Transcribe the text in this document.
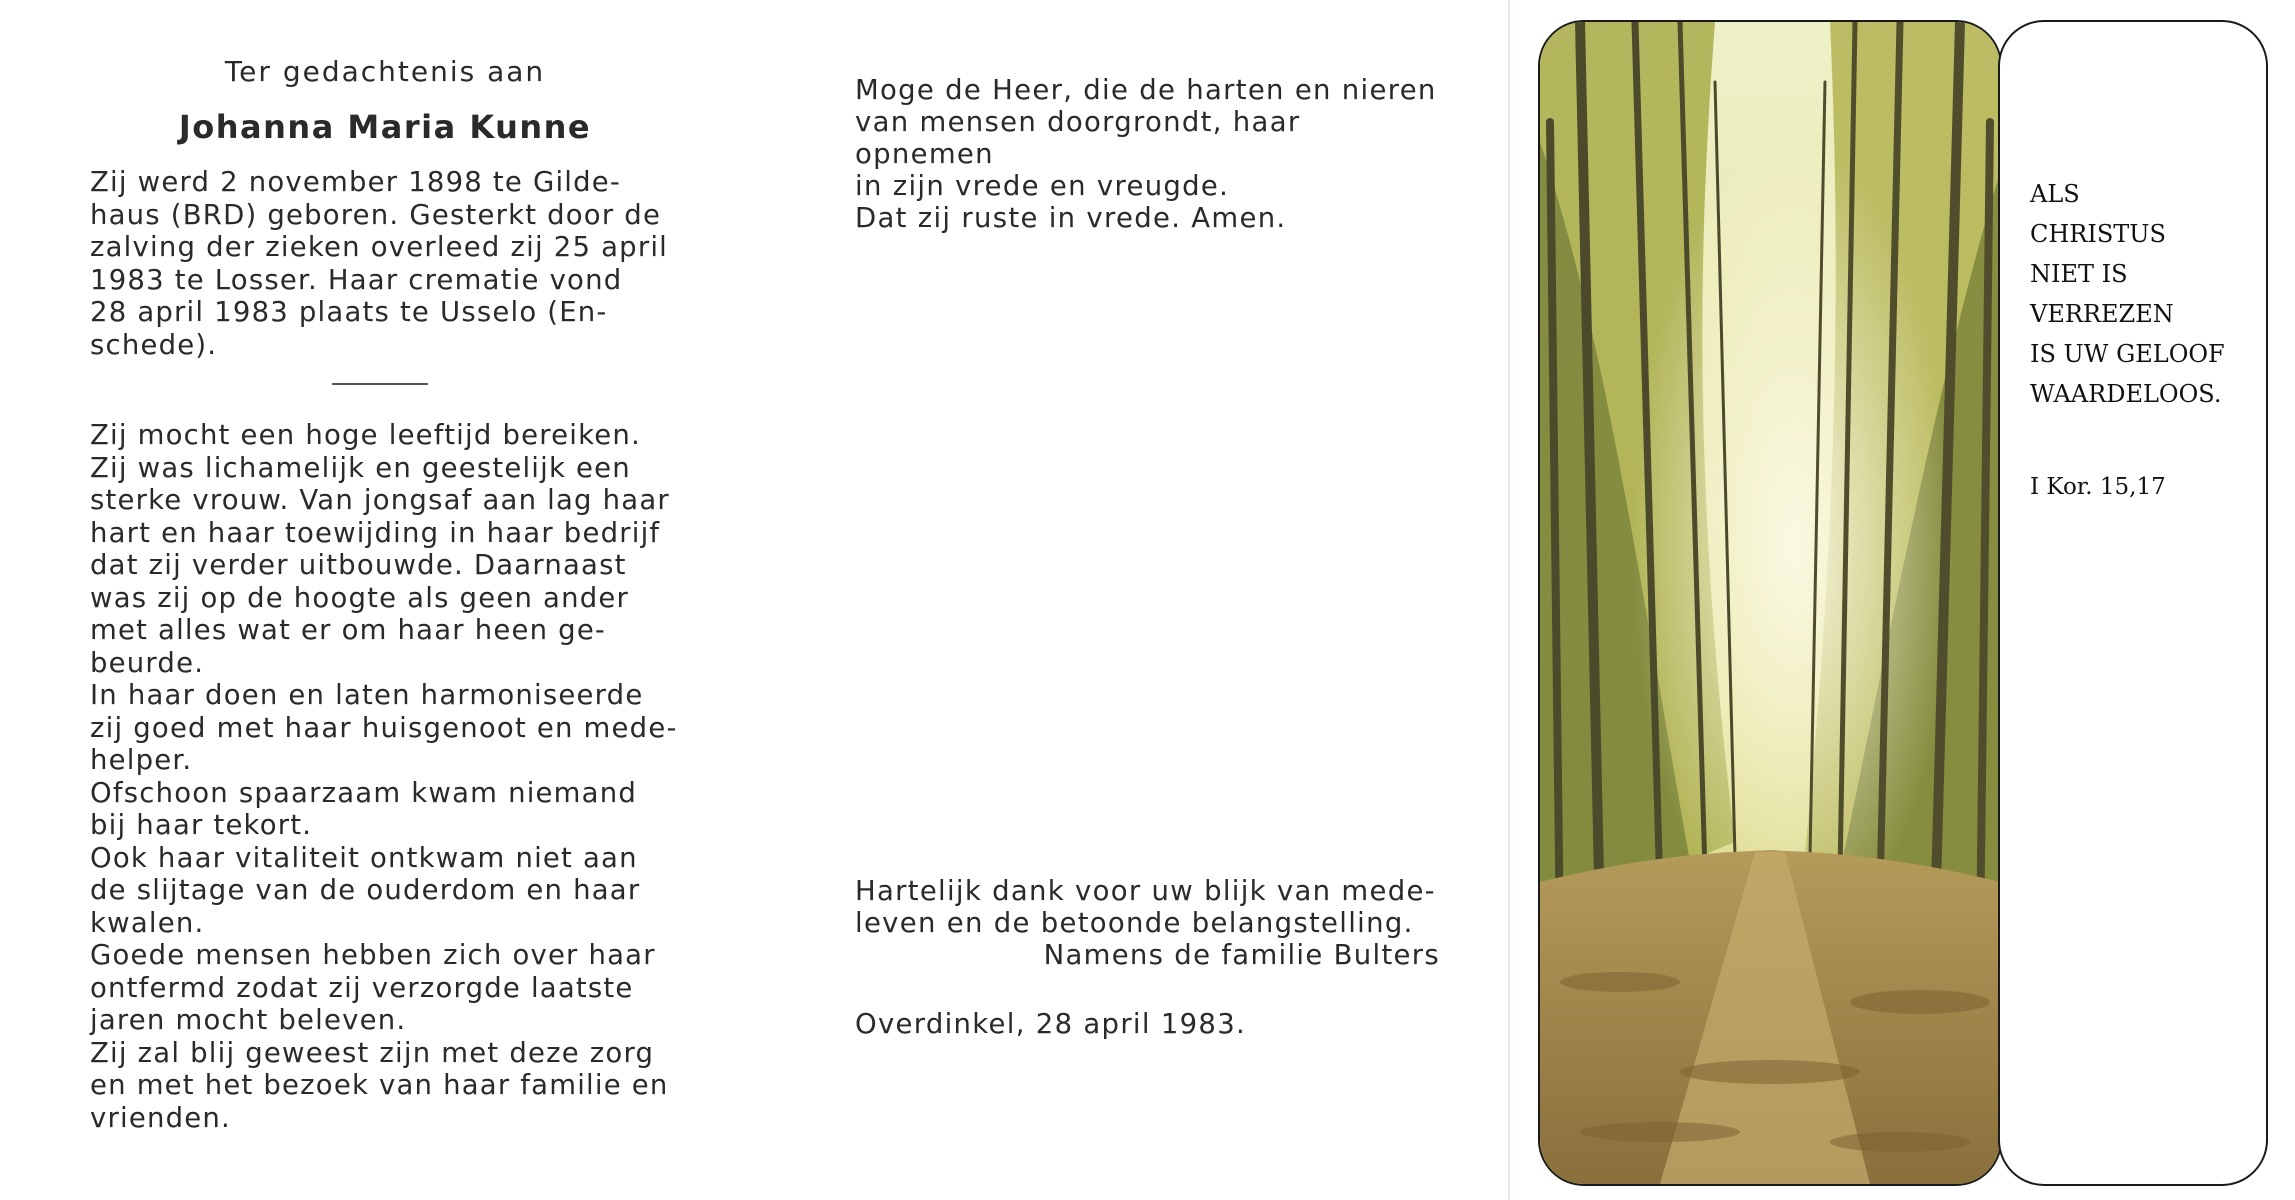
Ter gedachtenis aan

Johanna Maria Kunne

Zij werd 2 november 1898 te Gilde-
haus (BRD) geboren. Gesterkt door de
zalving der zieken overleed zij 25 april
1983 te Losser. Haar crematie vond
28 april 1983 plaats te Usselo (En-
schede).
Zij mocht een hoge leeftijd bereiken.
Zij was lichamelijk en geestelijk een
sterke vrouw. Van jongsaf aan lag haar
hart en haar toewijding in haar bedrijf
dat zij verder uitbouwde. Daarnaast
was zij op de hoogte als geen ander
met alles wat er om haar heen ge-
beurde.
In haar doen en laten harmoniseerde
zij goed met haar huisgenoot en mede-
helper.
Ofschoon spaarzaam kwam niemand
bij haar tekort.
Ook haar vitaliteit ontkwam niet aan
de slijtage van de ouderdom en haar
kwalen.
Goede mensen hebben zich over haar
ontfermd zodat zij verzorgde laatste
jaren mocht beleven.
Zij zal blij geweest zijn met deze zorg
en met het bezoek van haar familie en
vrienden.

Moge de Heer, die de harten en nieren
van mensen doorgrondt, haar opnemen
in zijn vrede en vreugde.
Dat zij ruste in vrede. Amen.

Hartelijk dank voor uw blijk van mede-
leven en de betoonde belangstelling.
Namens de familie Bulters

Overdinkel, 28 april 1983.

ALS
CHRISTUS
NIET IS
VERREZEN
IS UW GELOOF
WAARDELOOS.
I Kor. 15,17
